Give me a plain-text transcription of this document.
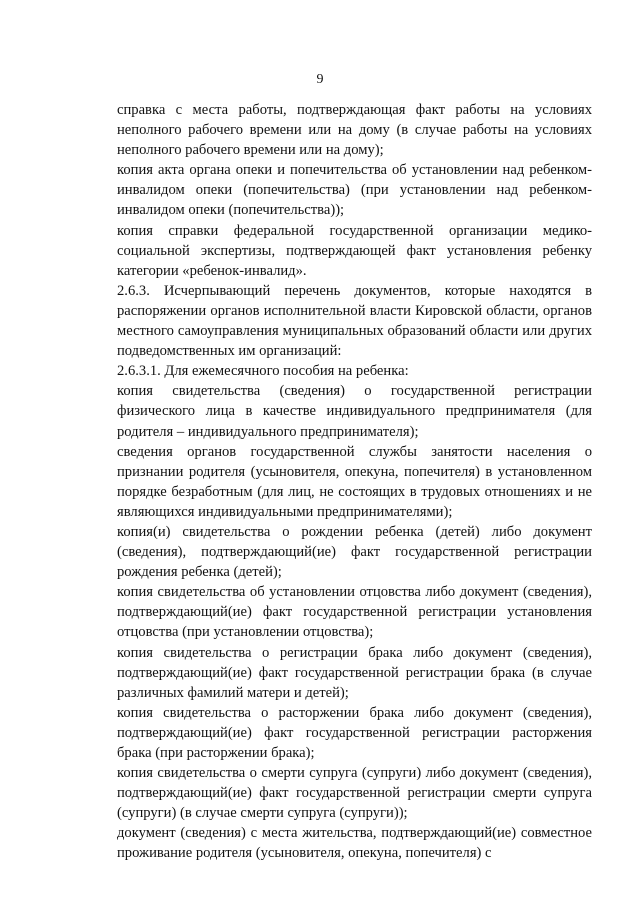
9

справка с места работы, подтверждающая факт работы на условиях неполного рабочего времени или на дому (в случае работы на условиях неполного рабочего времени или на дому);

копия акта органа опеки и попечительства об установлении над ребенком-инвалидом опеки (попечительства) (при установлении над ребенком-инвалидом опеки (попечительства));

копия справки федеральной государственной организации медико-социальной экспертизы, подтверждающей факт установления ребенку категории «ребенок-инвалид».

2.6.3. Исчерпывающий перечень документов, которые находятся в распоряжении органов исполнительной власти Кировской области, органов местного самоуправления муниципальных образований области или других подведомственных им организаций:

2.6.3.1. Для ежемесячного пособия на ребенка:

копия свидетельства (сведения) о государственной регистрации физического лица в качестве индивидуального предпринимателя (для родителя – индивидуального предпринимателя);

сведения органов государственной службы занятости населения о признании родителя (усыновителя, опекуна, попечителя) в установленном порядке безработным (для лиц, не состоящих в трудовых отношениях и не являющихся индивидуальными предпринимателями);

копия(и) свидетельства о рождении ребенка (детей) либо документ (сведения), подтверждающий(ие) факт государственной регистрации рождения ребенка (детей);

копия свидетельства об установлении отцовства либо документ (сведения), подтверждающий(ие) факт государственной регистрации установления отцовства (при установлении отцовства);

копия свидетельства о регистрации брака либо документ (сведения), подтверждающий(ие) факт государственной регистрации брака (в случае различных фамилий матери и детей);

копия свидетельства о расторжении брака либо документ (сведения), подтверждающий(ие) факт государственной регистрации расторжения брака (при расторжении брака);

копия свидетельства о смерти супруга (супруги) либо документ (сведения), подтверждающий(ие) факт государственной регистрации смерти супруга (супруги) (в случае смерти супруга (супруги));

документ (сведения) с места жительства, подтверждающий(ие) совместное проживание родителя (усыновителя, опекуна, попечителя) с
